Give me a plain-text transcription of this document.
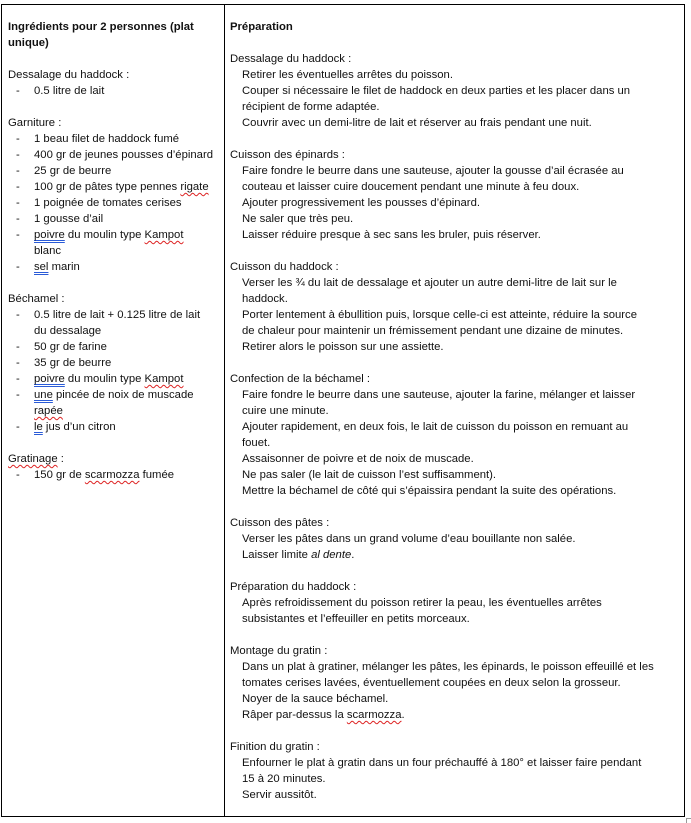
Ingrédients pour 2 personnes (plat
unique)
Dessalage du haddock :
- 0.5 litre de lait
Garniture :
- 1 beau filet de haddock fumé
- 400 gr de jeunes pousses d’épinard
- 25 gr de beurre
- 100 gr de pâtes type pennes rigate
- 1 poignée de tomates cerises
- 1 gousse d’ail
- poivre du moulin type Kampot
blanc
- sel marin
Béchamel :
- 0.5 litre de lait + 0.125 litre de lait
du dessalage
- 50 gr de farine
- 35 gr de beurre
- poivre du moulin type Kampot
- une pincée de noix de muscade
rapée
- le jus d’un citron
Gratinage :
- 150 gr de scarmozza fumée
Préparation
Dessalage du haddock :
Retirer les éventuelles arrêtes du poisson.
Couper si nécessaire le filet de haddock en deux parties et les placer dans un
récipient de forme adaptée.
Couvrir avec un demi-litre de lait et réserver au frais pendant une nuit.
Cuisson des épinards :
Faire fondre le beurre dans une sauteuse, ajouter la gousse d’ail écrasée au
couteau et laisser cuire doucement pendant une minute à feu doux.
Ajouter progressivement les pousses d’épinard.
Ne saler que très peu.
Laisser réduire presque à sec sans les bruler, puis réserver.
Cuisson du haddock :
Verser les ¾ du lait de dessalage et ajouter un autre demi-litre de lait sur le
haddock.
Porter lentement à ébullition puis, lorsque celle-ci est atteinte, réduire la source
de chaleur pour maintenir un frémissement pendant une dizaine de minutes.
Retirer alors le poisson sur une assiette.
Confection de la béchamel :
Faire fondre le beurre dans une sauteuse, ajouter la farine, mélanger et laisser
cuire une minute.
Ajouter rapidement, en deux fois, le lait de cuisson du poisson en remuant au
fouet.
Assaisonner de poivre et de noix de muscade.
Ne pas saler (le lait de cuisson l’est suffisamment).
Mettre la béchamel de côté qui s’épaissira pendant la suite des opérations.
Cuisson des pâtes :
Verser les pâtes dans un grand volume d’eau bouillante non salée.
Laisser limite al dente.
Préparation du haddock :
Après refroidissement du poisson retirer la peau, les éventuelles arrêtes
subsistantes et l’effeuiller en petits morceaux.
Montage du gratin :
Dans un plat à gratiner, mélanger les pâtes, les épinards, le poisson effeuillé et les
tomates cerises lavées, éventuellement coupées en deux selon la grosseur.
Noyer de la sauce béchamel.
Râper par-dessus la scarmozza.
Finition du gratin :
Enfourner le plat à gratin dans un four préchauffé à 180° et laisser faire pendant
15 à 20 minutes.
Servir aussitôt.
